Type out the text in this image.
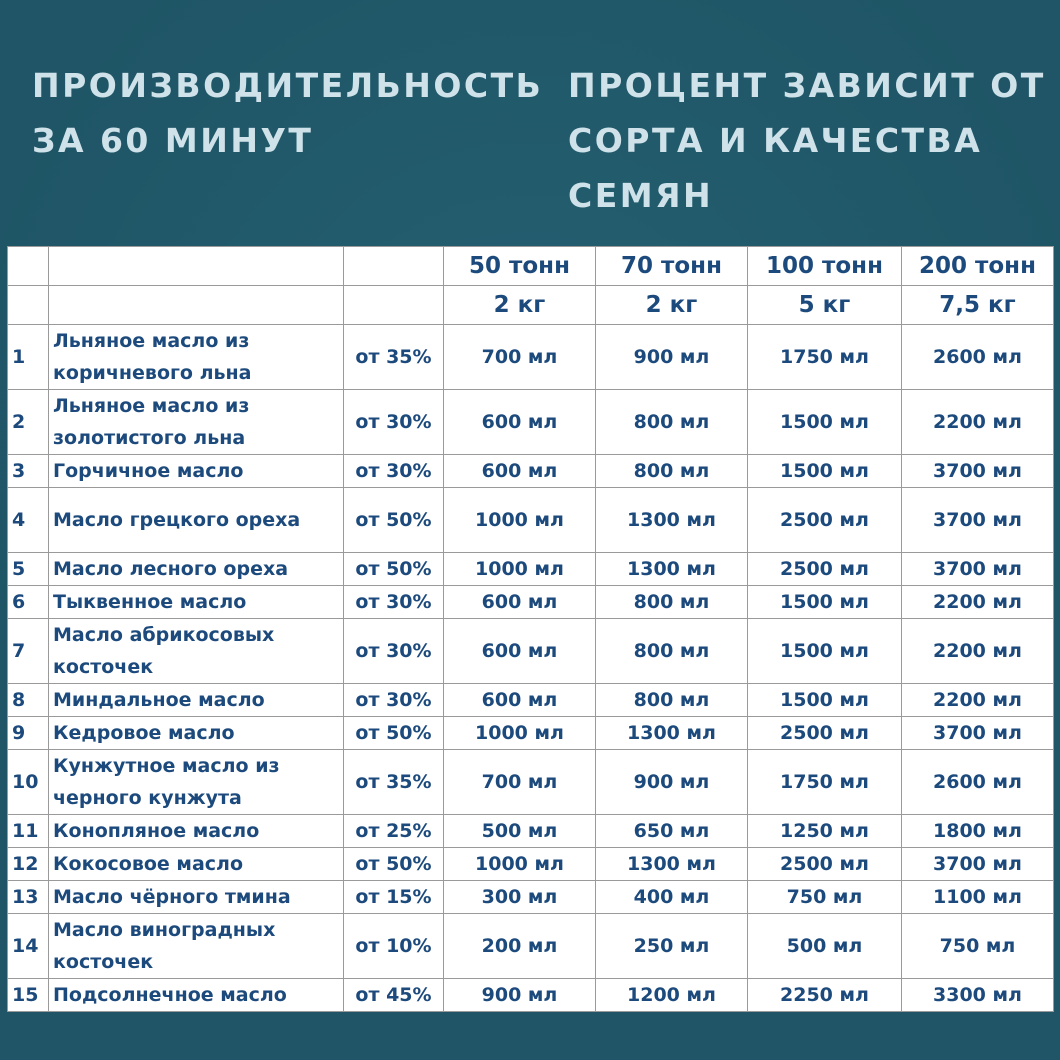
ПРОИЗВОДИТЕЛЬНОСТЬ
ЗА 60 МИНУТ
ПРОЦЕНТ ЗАВИСИТ ОТ
СОРТА И КАЧЕСТВА
СЕМЯН
			50 тонн	70 тонн	100 тонн	200 тонн
			2 кг	2 кг	5 кг	7,5 кг
1	Льняное масло из коричневого льна	от 35%	700 мл	900 мл	1750 мл	2600 мл
2	Льняное масло из золотистого льна	от 30%	600 мл	800 мл	1500 мл	2200 мл
3	Горчичное масло	от 30%	600 мл	800 мл	1500 мл	3700 мл
4	Масло грецкого ореха	от 50%	1000 мл	1300 мл	2500 мл	3700 мл
5	Масло лесного ореха	от 50%	1000 мл	1300 мл	2500 мл	3700 мл
6	Тыквенное масло	от 30%	600 мл	800 мл	1500 мл	2200 мл
7	Масло абрикосовых косточек	от 30%	600 мл	800 мл	1500 мл	2200 мл
8	Миндальное масло	от 30%	600 мл	800 мл	1500 мл	2200 мл
9	Кедровое масло	от 50%	1000 мл	1300 мл	2500 мл	3700 мл
10	Кунжутное масло из черного кунжута	от 35%	700 мл	900 мл	1750 мл	2600 мл
11	Конопляное масло	от 25%	500 мл	650 мл	1250 мл	1800 мл
12	Кокосовое масло	от 50%	1000 мл	1300 мл	2500 мл	3700 мл
13	Масло чёрного тмина	от 15%	300 мл	400 мл	750 мл	1100 мл
14	Масло виноградных косточек	от 10%	200 мл	250 мл	500 мл	750 мл
15	Подсолнечное масло	от 45%	900 мл	1200 мл	2250 мл	3300 мл
